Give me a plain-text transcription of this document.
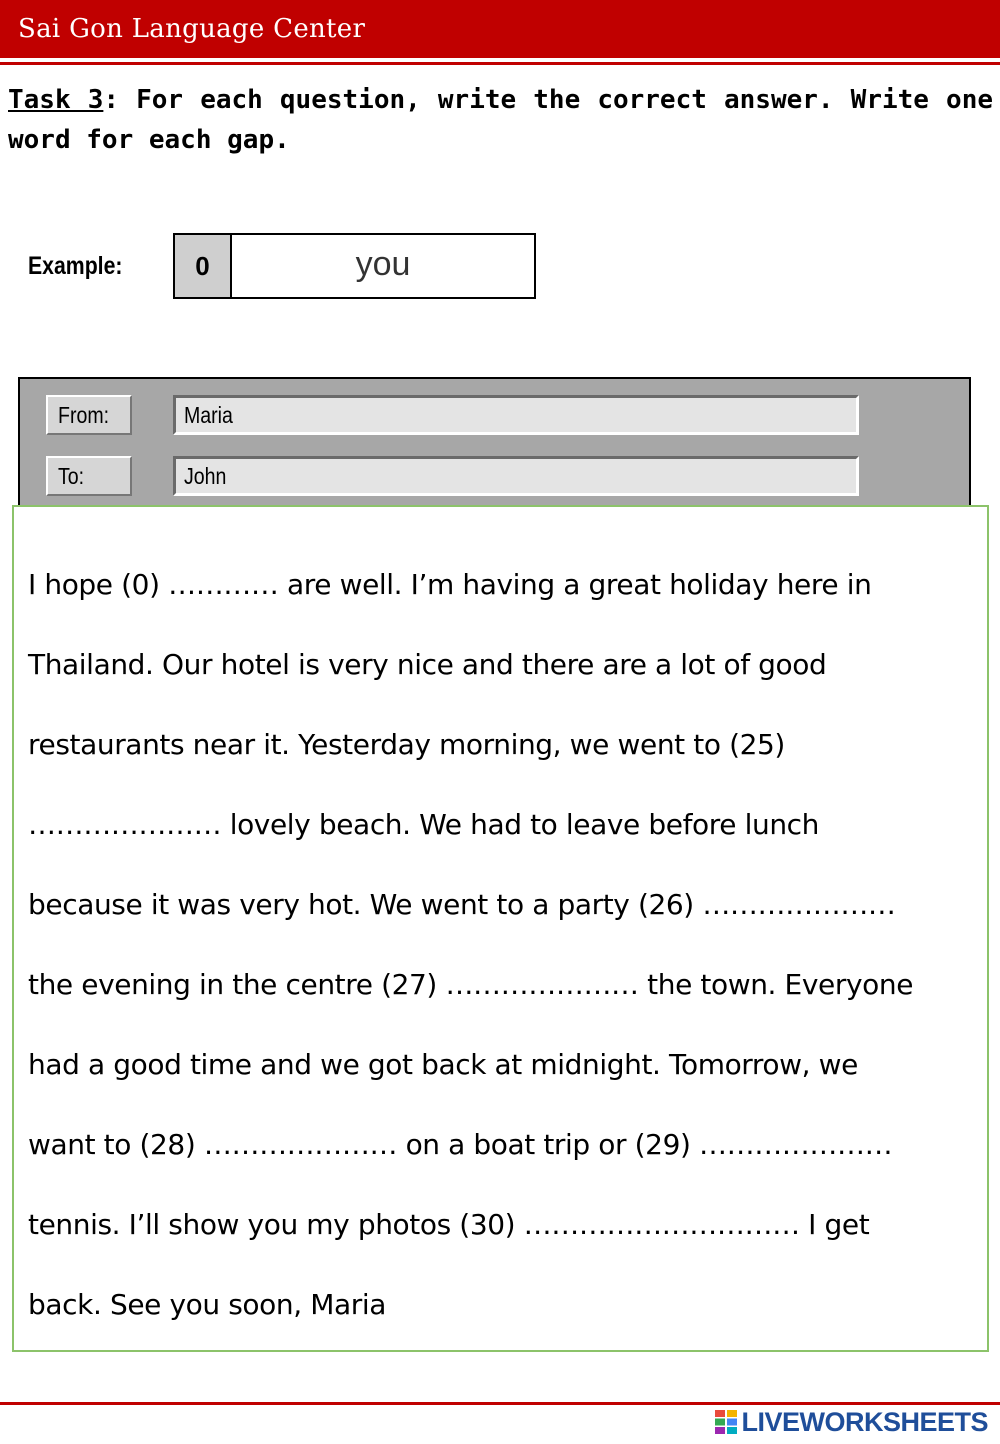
Sai Gon Language Center
Task 3: For each question, write the correct answer. Write one word for each gap.
Example:	0	you
From:	Maria
To:	John
I hope (0) ………… are well. I’m having a great holiday here in
Thailand. Our hotel is very nice and there are a lot of good
restaurants near it. Yesterday morning, we went to (25)
………………… lovely beach. We had to leave before lunch
because it was very hot. We went to a party (26) …………………
the evening in the centre (27) ………………… the town. Everyone
had a good time and we got back at midnight. Tomorrow, we
want to (28) ………………… on a boat trip or (29) …………………
tennis. I’ll show you my photos (30) ………………………… I get
back. See you soon, Maria
LIVEWORKSHEETS
